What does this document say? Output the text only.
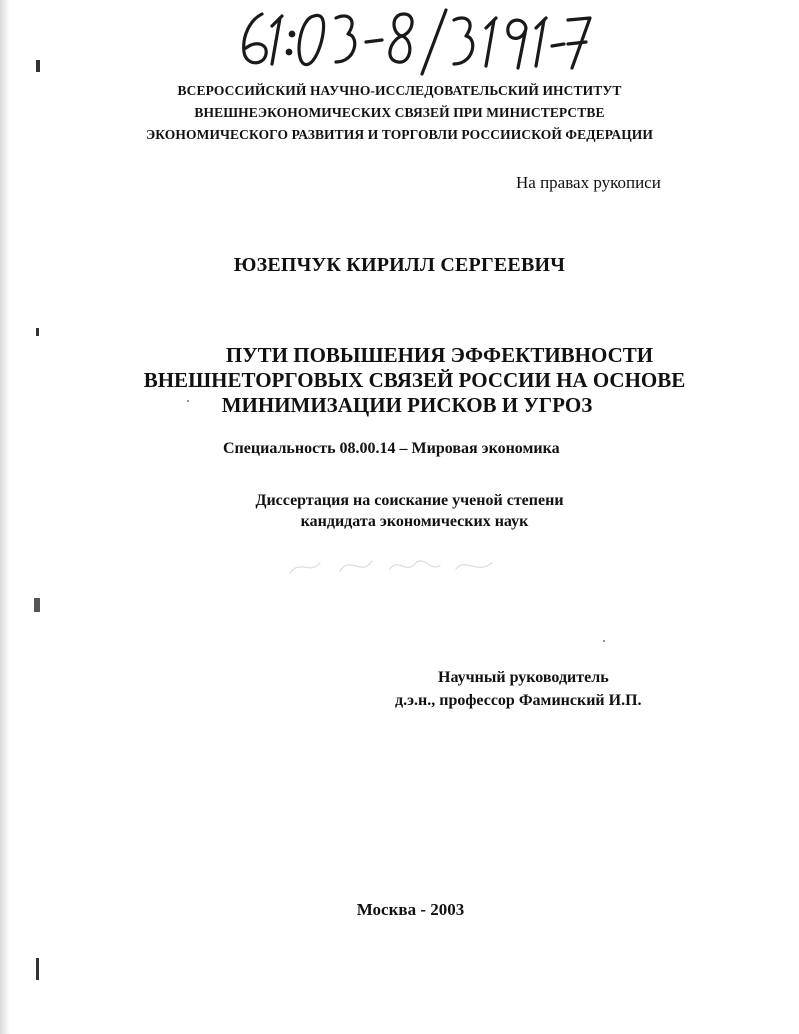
ВСЕРОССИЙСКИЙ НАУЧНО-ИССЛЕДОВАТЕЛЬСКИЙ ИНСТИТУТ
ВНЕШНЕЭКОНОМИЧЕСКИХ СВЯЗЕЙ ПРИ МИНИСТЕРСТВЕ
ЭКОНОМИЧЕСКОГО РАЗВИТИЯ И ТОРГОВЛИ РОССИИСКОЙ ФЕДЕРАЦИИ
На правах рукописи
ЮЗЕПЧУК КИРИЛЛ СЕРГЕЕВИЧ
ПУТИ ПОВЫШЕНИЯ ЭФФЕКТИВНОСТИ
ВНЕШНЕТОРГОВЫХ СВЯЗЕЙ РОССИИ НА ОСНОВЕ
МИНИМИЗАЦИИ РИСКОВ И УГРОЗ
Специальность 08.00.14 – Мировая экономика
Диссертация на соискание ученой степени
кандидата экономических наук
Научный руководитель
д.э.н., профессор Фаминский И.П.
Москва - 2003
